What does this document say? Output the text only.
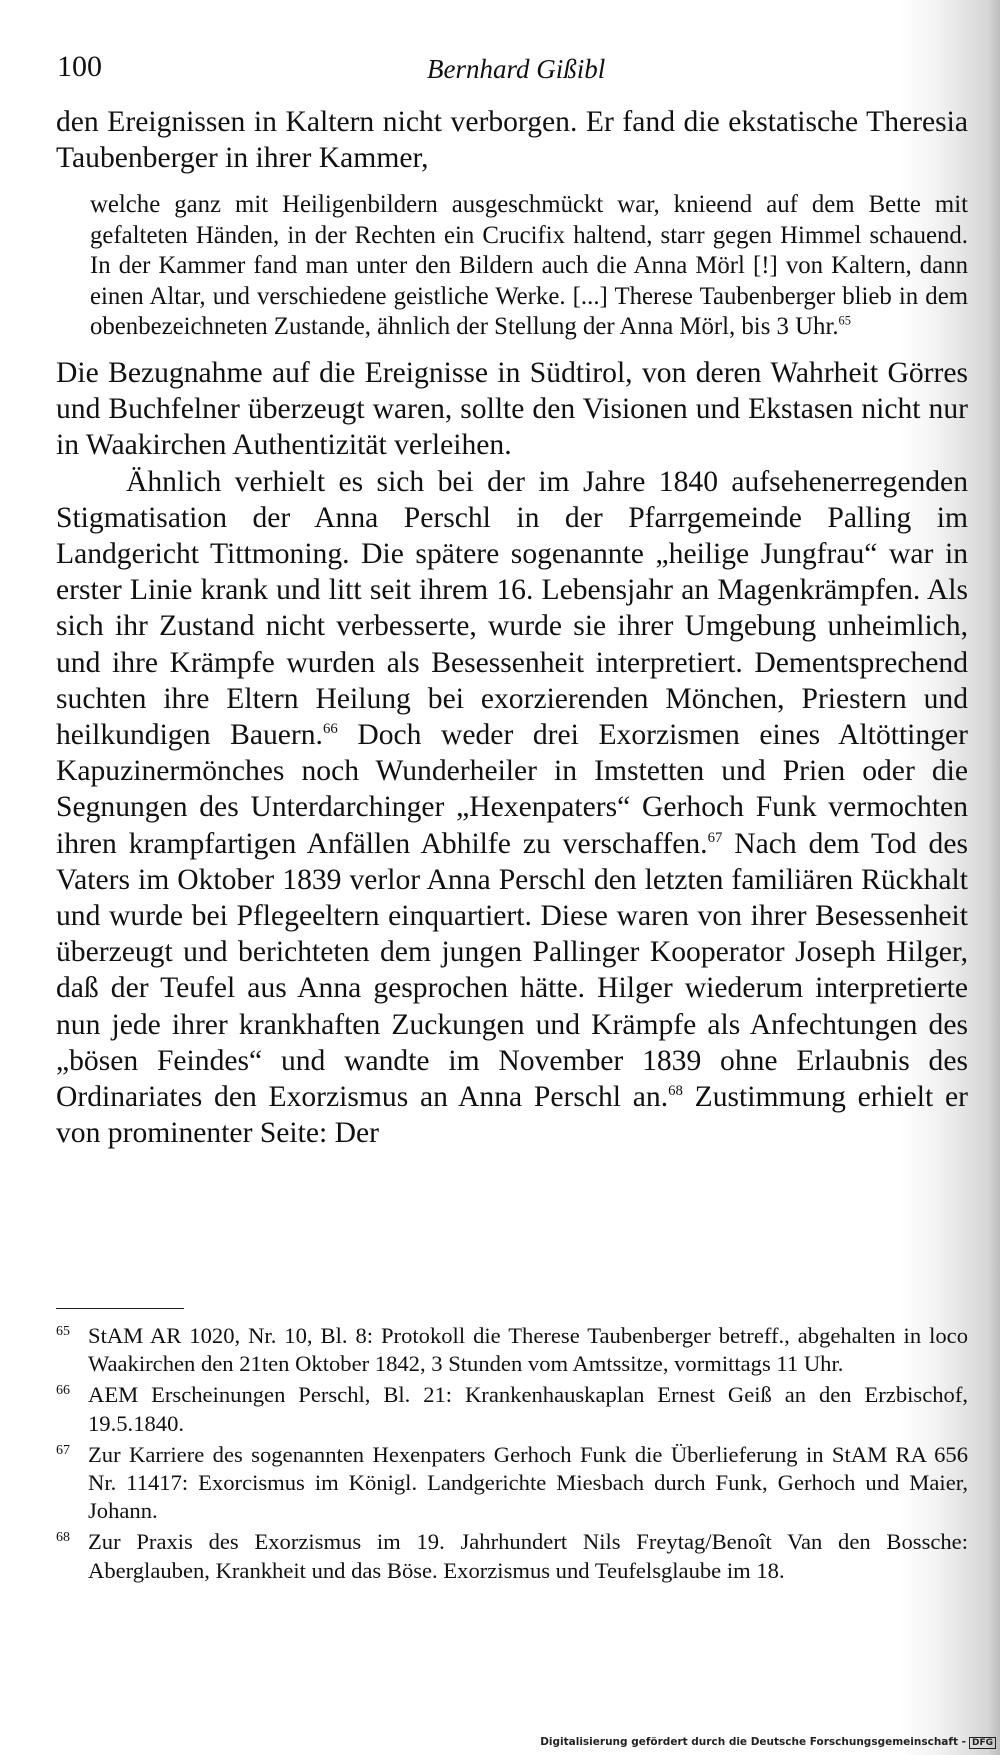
100	Bernhard Gißibl

den Ereignissen in Kaltern nicht verborgen. Er fand die ekstatische Theresia Taubenberger in ihrer Kammer,

welche ganz mit Heiligenbildern ausgeschmückt war, knieend auf dem Bette mit gefalteten Händen, in der Rechten ein Crucifix haltend, starr gegen Himmel schauend. In der Kammer fand man unter den Bildern auch die Anna Mörl [!] von Kaltern, dann einen Altar, und verschiedene geistliche Werke. [...] Therese Taubenberger blieb in dem obenbezeichneten Zustande, ähnlich der Stellung der Anna Mörl, bis 3 Uhr.$^{65}$

Die Bezugnahme auf die Ereignisse in Südtirol, von deren Wahrheit Görres und Buchfelner überzeugt waren, sollte den Visionen und Ekstasen nicht nur in Waakirchen Authentizität verleihen.

Ähnlich verhielt es sich bei der im Jahre 1840 aufsehenerregenden Stigmatisation der Anna Perschl in der Pfarrgemeinde Palling im Landgericht Tittmoning. Die spätere sogenannte „heilige Jungfrau“ war in erster Linie krank und litt seit ihrem 16. Lebensjahr an Magenkrämpfen. Als sich ihr Zustand nicht verbesserte, wurde sie ihrer Umgebung unheimlich, und ihre Krämpfe wurden als Besessenheit interpretiert. Dementsprechend suchten ihre Eltern Heilung bei exorzierenden Mönchen, Priestern und heilkundigen Bauern.$^{66}$ Doch weder drei Exorzismen eines Altöttinger Kapuzinermönches noch Wunderheiler in Imstetten und Prien oder die Segnungen des Unterdarchinger „Hexenpaters“ Gerhoch Funk vermochten ihren krampfartigen Anfällen Abhilfe zu verschaffen.$^{67}$ Nach dem Tod des Vaters im Oktober 1839 verlor Anna Perschl den letzten familiären Rückhalt und wurde bei Pflegeeltern einquartiert. Diese waren von ihrer Besessenheit überzeugt und berichteten dem jungen Pallinger Kooperator Joseph Hilger, daß der Teufel aus Anna gesprochen hätte. Hilger wiederum interpretierte nun jede ihrer krankhaften Zuckungen und Krämpfe als Anfechtungen des „bösen Feindes“ und wandte im November 1839 ohne Erlaubnis des Ordinariates den Exorzismus an Anna Perschl an.$^{68}$ Zustimmung erhielt er von prominenter Seite: Der

65 StAM AR 1020, Nr. 10, Bl. 8: Protokoll die Therese Taubenberger betreff., abgehalten in loco Waakirchen den 21ten Oktober 1842, 3 Stunden vom Amtssitze, vormittags 11 Uhr.
66 AEM Erscheinungen Perschl, Bl. 21: Krankenhauskaplan Ernest Geiß an den Erzbischof, 19.5.1840.
67 Zur Karriere des sogenannten Hexenpaters Gerhoch Funk die Überlieferung in StAM RA 656 Nr. 11417: Exorcismus im Königl. Landgerichte Miesbach durch Funk, Gerhoch und Maier, Johann.
68 Zur Praxis des Exorzismus im 19. Jahrhundert Nils Freytag/Benoît Van den Bossche: Aberglauben, Krankheit und das Böse. Exorzismus und Teufelsglaube im 18.
Digitalisierung gefördert durch die Deutsche Forschungsgemeinschaft - DFG
